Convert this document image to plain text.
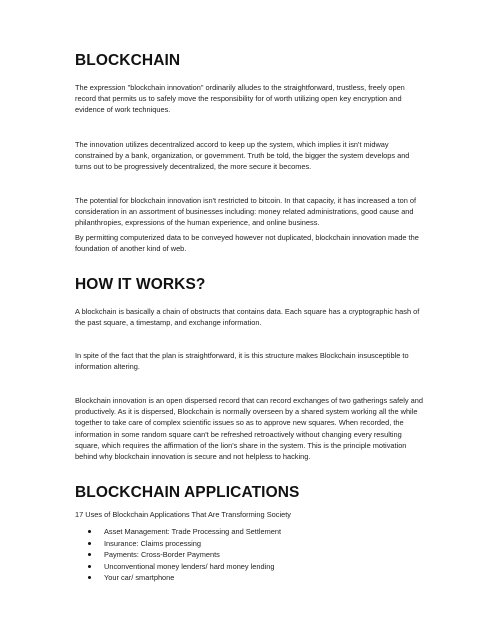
BLOCKCHAIN

The expression "blockchain innovation" ordinarily alludes to the straightforward, trustless, freely open record that permits us to safely move the responsibility for of worth utilizing open key encryption and evidence of work techniques.

The innovation utilizes decentralized accord to keep up the system, which implies it isn't midway constrained by a bank, organization, or government. Truth be told, the bigger the system develops and turns out to be progressively decentralized, the more secure it becomes.

The potential for blockchain innovation isn't restricted to bitcoin. In that capacity, it has increased a ton of consideration in an assortment of businesses including: money related administrations, good cause and philanthropies, expressions of the human experience, and online business.

By permitting computerized data to be conveyed however not duplicated, blockchain innovation made the foundation of another kind of web.

HOW IT WORKS?

A blockchain is basically a chain of obstructs that contains data. Each square has a cryptographic hash of the past square, a timestamp, and exchange information.

In spite of the fact that the plan is straightforward, it is this structure makes Blockchain insusceptible to information altering.

Blockchain innovation is an open dispersed record that can record exchanges of two gatherings safely and productively. As it is dispersed, Blockchain is normally overseen by a shared system working all the while together to take care of complex scientific issues so as to approve new squares. When recorded, the information in some random square can't be refreshed retroactively without changing every resulting square, which requires the affirmation of the lion's share in the system. This is the principle motivation behind why blockchain innovation is secure and not helpless to hacking.

BLOCKCHAIN APPLICATIONS

17 Uses of Blockchain Applications That Are Transforming Society

Asset Management: Trade Processing and Settlement
Insurance: Claims processing
Payments: Cross-Border Payments
Unconventional money lenders/ hard money lending
Your car/ smartphone
